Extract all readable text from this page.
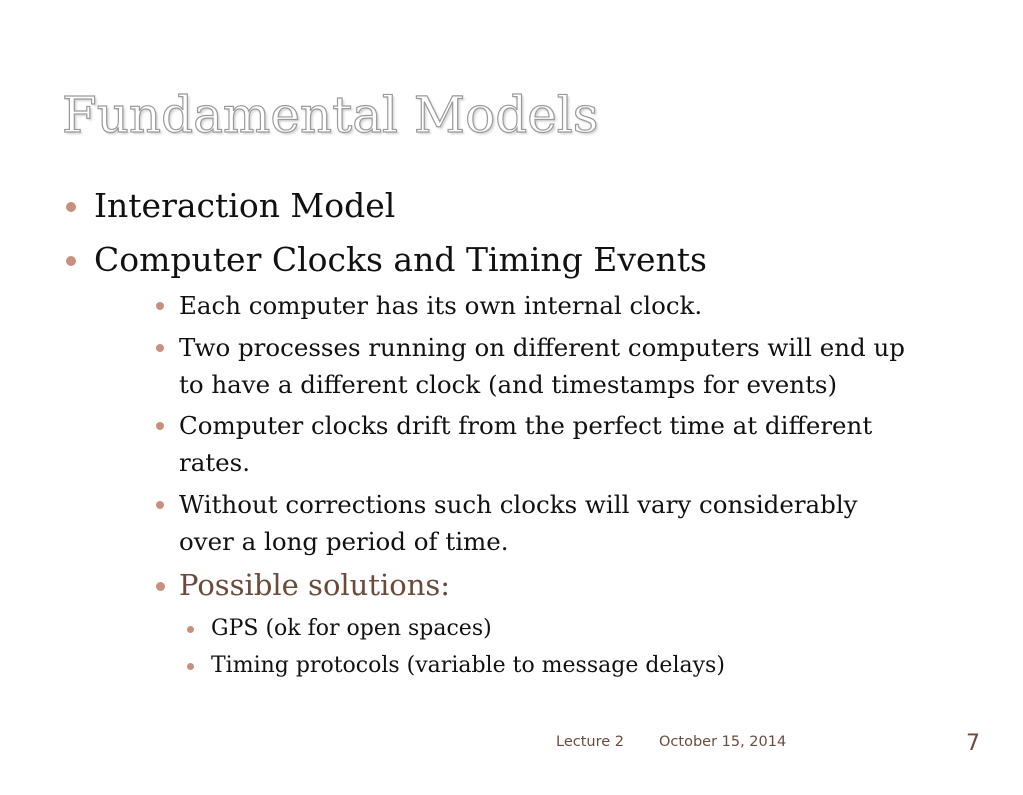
Fundamental Models
Interaction Model
Computer Clocks and Timing Events
Each computer has its own internal clock.
Two processes running on different computers will end up
to have a different clock (and timestamps for events)
Computer clocks drift from the perfect time at different
rates.
Without corrections such clocks will vary considerably
over a long period of time.
Possible solutions:
GPS (ok for open spaces)
Timing protocols (variable to message delays)
Lecture 2 October 15, 2014	7
